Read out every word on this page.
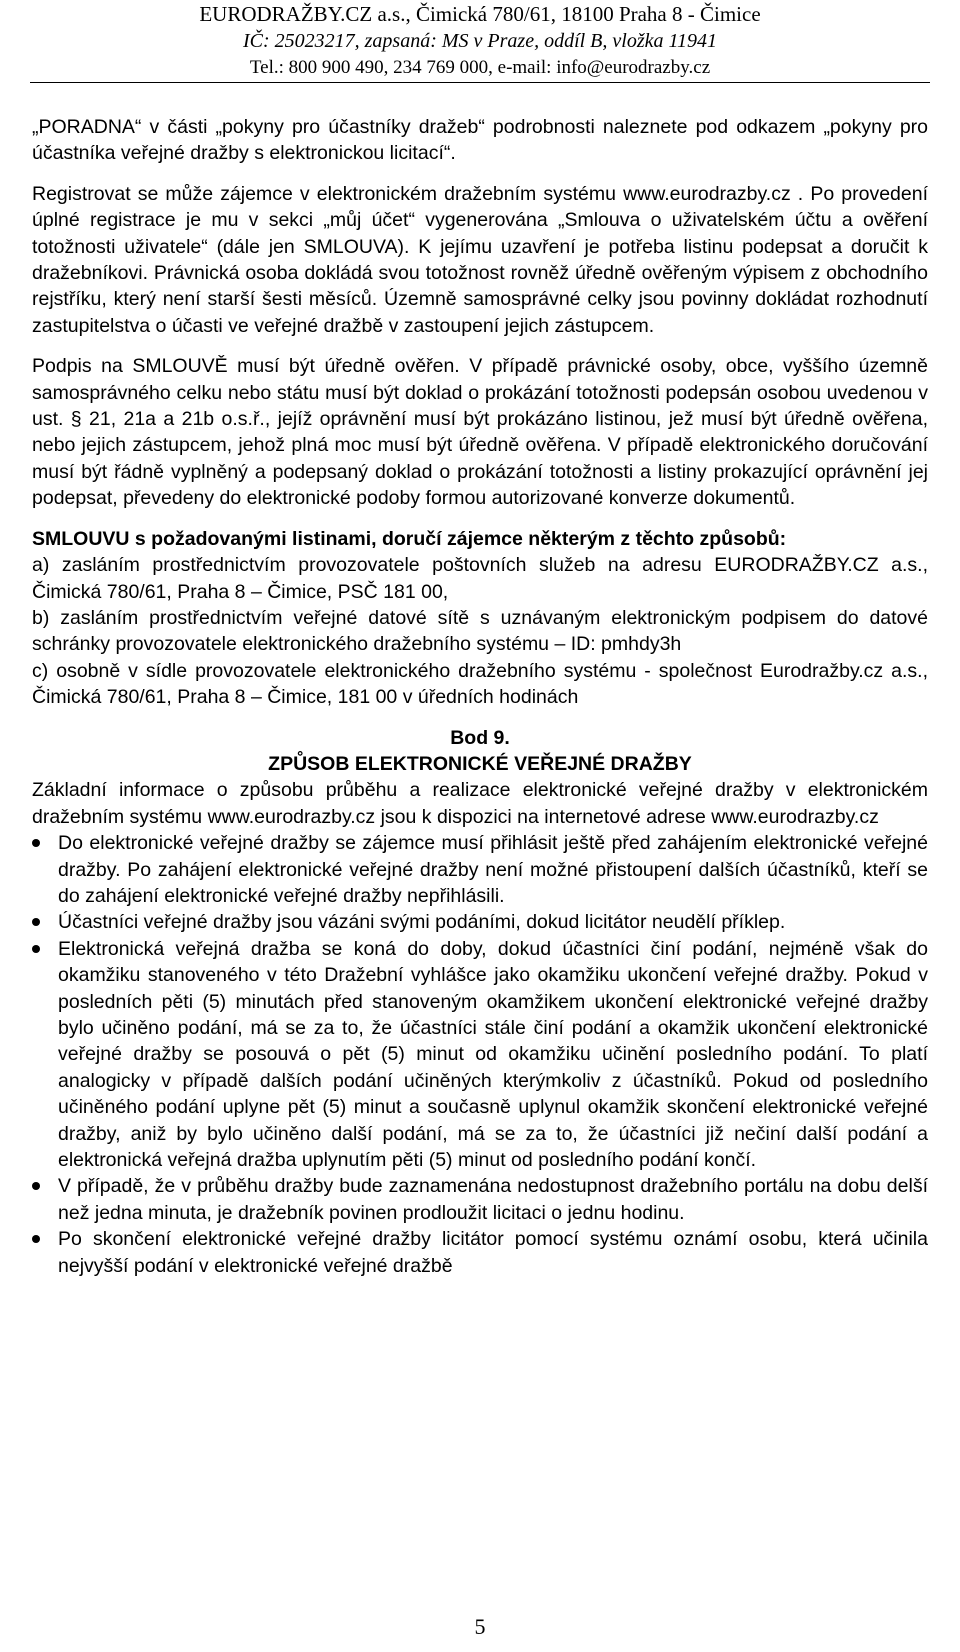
EURODRAŽBY.CZ a.s., Čimická 780/61, 18100 Praha 8 - Čimice
IČ: 25023217, zapsaná: MS v Praze, oddíl B, vložka 11941
Tel.: 800 900 490, 234 769 000, e-mail: info@eurodrazby.cz

„PORADNA“ v části „pokyny pro účastníky dražeb“ podrobnosti naleznete pod odkazem „pokyny pro účastníka veřejné dražby s elektronickou licitací“.

Registrovat se může zájemce v elektronickém dražebním systému www.eurodrazby.cz . Po provedení úplné registrace je mu v sekci „můj účet“ vygenerována „Smlouva o uživatelském účtu a ověření totožnosti uživatele“ (dále jen SMLOUVA). K jejímu uzavření je potřeba listinu podepsat a doručit k dražebníkovi. Právnická osoba dokládá svou totožnost rovněž úředně ověřeným výpisem z obchodního rejstříku, který není starší šesti měsíců. Územně samosprávné celky jsou povinny dokládat rozhodnutí zastupitelstva o účasti ve veřejné dražbě v zastoupení jejich zástupcem.

Podpis na SMLOUVĚ musí být úředně ověřen. V případě právnické osoby, obce, vyššího územně samosprávného celku nebo státu musí být doklad o prokázání totožnosti podepsán osobou uvedenou v ust. § 21, 21a a 21b o.s.ř., jejíž oprávnění musí být prokázáno listinou, jež musí být úředně ověřena, nebo jejich zástupcem, jehož plná moc musí být úředně ověřena. V případě elektronického doručování musí být řádně vyplněný a podepsaný doklad o prokázání totožnosti a listiny prokazující oprávnění jej podepsat, převedeny do elektronické podoby formou autorizované konverze dokumentů.

SMLOUVU s požadovanými listinami, doručí zájemce některým z těchto způsobů:

a) zasláním prostřednictvím provozovatele poštovních služeb na adresu EURODRAŽBY.CZ a.s., Čimická 780/61, Praha 8 – Čimice, PSČ 181 00,

b) zasláním prostřednictvím veřejné datové sítě s uznávaným elektronickým podpisem do datové schránky provozovatele elektronického dražebního systému – ID: pmhdy3h

c) osobně v sídle provozovatele elektronického dražebního systému - společnost Eurodražby.cz a.s., Čimická 780/61, Praha 8 – Čimice, 181 00 v úředních hodinách

Bod 9.

ZPŮSOB ELEKTRONICKÉ VEŘEJNÉ DRAŽBY

Základní informace o způsobu průběhu a realizace elektronické veřejné dražby v elektronickém dražebním systému www.eurodrazby.cz jsou k dispozici na internetové adrese www.eurodrazby.cz

Do elektronické veřejné dražby se zájemce musí přihlásit ještě před zahájením elektronické veřejné dražby. Po zahájení elektronické veřejné dražby není možné přistoupení dalších účastníků, kteří se do zahájení elektronické veřejné dražby nepřihlásili.
Účastníci veřejné dražby jsou vázáni svými podáními, dokud licitátor neudělí příklep.
Elektronická veřejná dražba se koná do doby, dokud účastníci činí podání, nejméně však do okamžiku stanoveného v této Dražební vyhlášce jako okamžiku ukončení veřejné dražby. Pokud v posledních pěti (5) minutách před stanoveným okamžikem ukončení elektronické veřejné dražby bylo učiněno podání, má se za to, že účastníci stále činí podání a okamžik ukončení elektronické veřejné dražby se posouvá o pět (5) minut od okamžiku učinění posledního podání. To platí analogicky v případě dalších podání učiněných kterýmkoliv z účastníků. Pokud od posledního učiněného podání uplyne pět (5) minut a současně uplynul okamžik skončení elektronické veřejné dražby, aniž by bylo učiněno další podání, má se za to, že účastníci již nečiní další podání a elektronická veřejná dražba uplynutím pěti (5) minut od posledního podání končí.
V případě, že v průběhu dražby bude zaznamenána nedostupnost dražebního portálu na dobu delší než jedna minuta, je dražebník povinen prodloužit licitaci o jednu hodinu.
Po skončení elektronické veřejné dražby licitátor pomocí systému oznámí osobu, která učinila nejvyšší podání v elektronické veřejné dražbě
5
